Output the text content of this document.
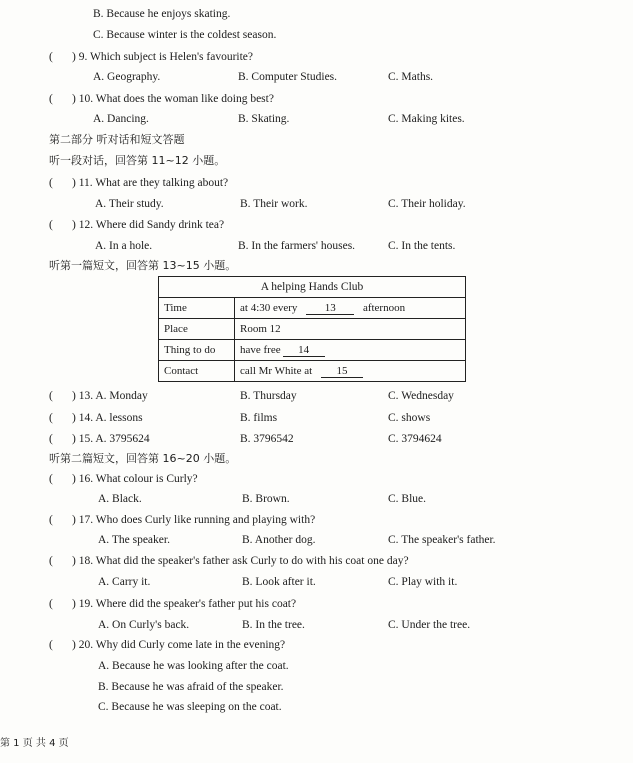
B. Because he enjoys skating.
C. Because winter is the coldest season.
( ) 9. Which subject is Helen's favourite?
A. Geography.	B. Computer Studies.	C. Maths.
( ) 10. What does the woman like doing best?
A. Dancing.	B. Skating.	C. Making kites.
第二部分 听对话和短文答题
听一段对话，回答第 11~12 小题。
( ) 11. What are they talking about?
A. Their study.	B. Their work.	C. Their holiday.
( ) 12. Where did Sandy drink tea?
A. In a hole.	B. In the farmers' houses.	C. In the tents.
听第一篇短文，回答第 13~15 小题。
A helping Hands Club	
Time	at 4:30 every 13 afternoon
Place	Room 12
Thing to do	have free 14
Contact	call Mr White at 15
( ) 13. A. Monday	B. Thursday	C. Wednesday
( ) 14. A. lessons	B. films	C. shows
( ) 15. A. 3795624	B. 3796542	C. 3794624
听第二篇短文，回答第 16~20 小题。
( ) 16. What colour is Curly?
A. Black.	B. Brown.	C. Blue.
( ) 17. Who does Curly like running and playing with?
A. The speaker.	B. Another dog.	C. The speaker's father.
( ) 18. What did the speaker's father ask Curly to do with his coat one day?
A. Carry it.	B. Look after it.	C. Play with it.
( ) 19. Where did the speaker's father put his coat?
A. On Curly's back.	B. In the tree.	C. Under the tree.
( ) 20. Why did Curly come late in the evening?
A. Because he was looking after the coat.
B. Because he was afraid of the speaker.
C. Because he was sleeping on the coat.
第 1 页 共 4 页
